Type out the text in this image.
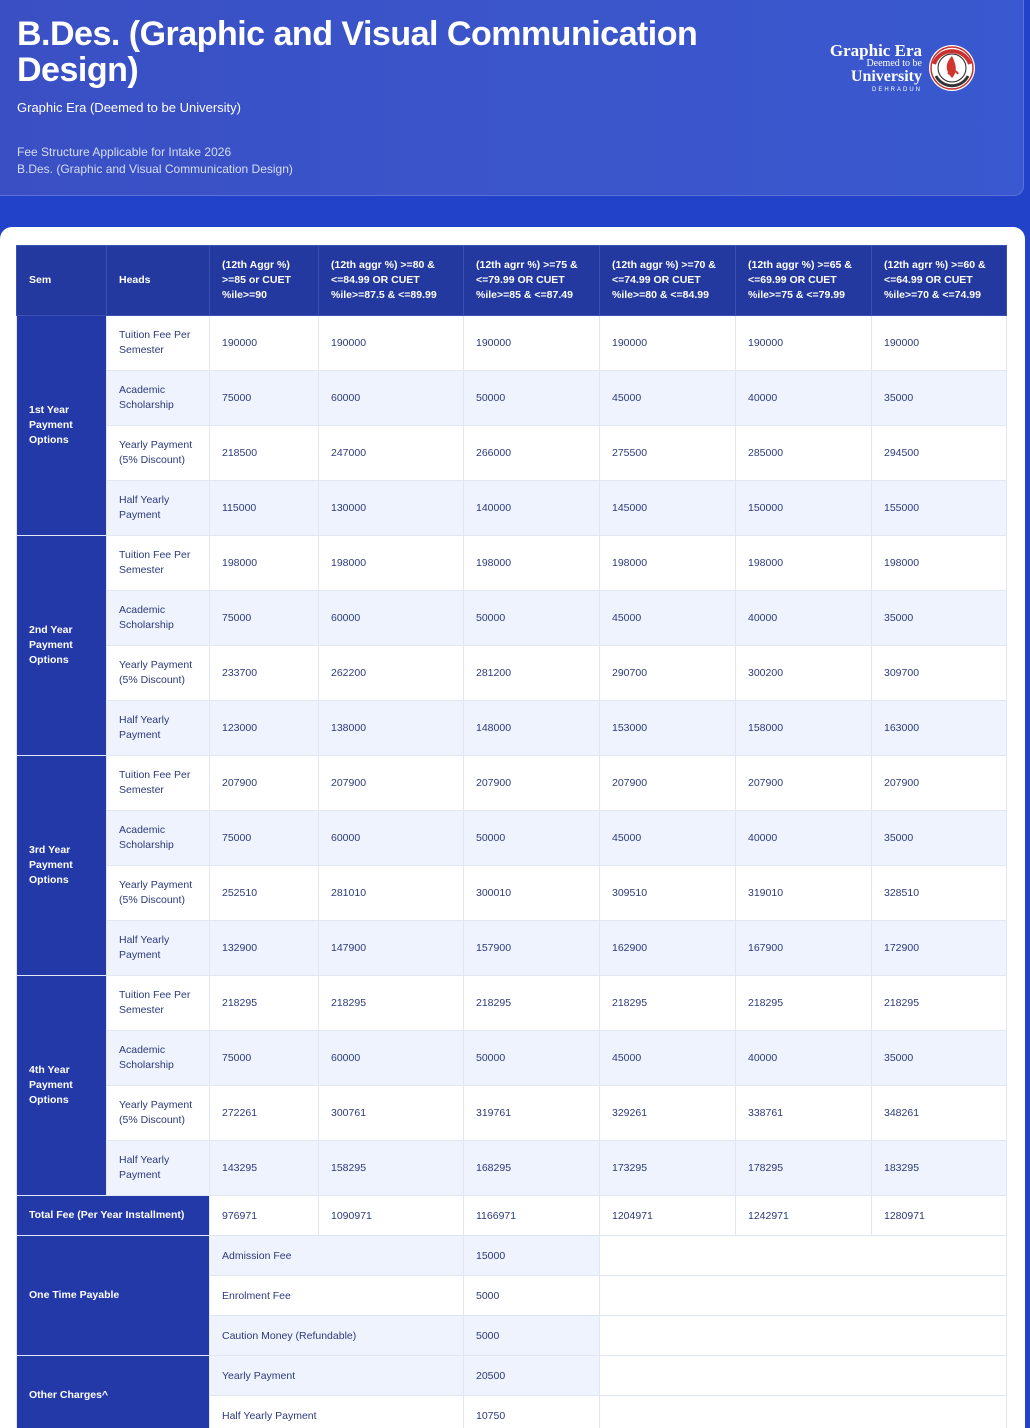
B.Des. (Graphic and Visual Communication Design)
Graphic Era (Deemed to be University)
Fee Structure Applicable for Intake 2026
B.Des. (Graphic and Visual Communication Design)
Graphic Era
Deemed to be
University
DEHRADUN
Sem	Heads	(12th Aggr %) >=85 or CUET %ile>=90	(12th aggr %) >=80 & <=84.99 OR CUET %ile>=87.5 & <=89.99	(12th agrr %) >=75 & <=79.99 OR CUET %ile>=85 & <=87.49	(12th aggr %) >=70 & <=74.99 OR CUET %ile>=80 & <=84.99	(12th aggr %) >=65 & <=69.99 OR CUET %ile>=75 & <=79.99	(12th agrr %) >=60 & <=64.99 OR CUET %ile>=70 & <=74.99
1st Year Payment Options	Tuition Fee Per Semester	190000	190000	190000	190000	190000	190000
	Academic Scholarship	75000	60000	50000	45000	40000	35000
	Yearly Payment (5% Discount)	218500	247000	266000	275500	285000	294500
	Half Yearly Payment	115000	130000	140000	145000	150000	155000
2nd Year Payment Options	Tuition Fee Per Semester	198000	198000	198000	198000	198000	198000
	Academic Scholarship	75000	60000	50000	45000	40000	35000
	Yearly Payment (5% Discount)	233700	262200	281200	290700	300200	309700
	Half Yearly Payment	123000	138000	148000	153000	158000	163000
3rd Year Payment Options	Tuition Fee Per Semester	207900	207900	207900	207900	207900	207900
	Academic Scholarship	75000	60000	50000	45000	40000	35000
	Yearly Payment (5% Discount)	252510	281010	300010	309510	319010	328510
	Half Yearly Payment	132900	147900	157900	162900	167900	172900
4th Year Payment Options	Tuition Fee Per Semester	218295	218295	218295	218295	218295	218295
	Academic Scholarship	75000	60000	50000	45000	40000	35000
	Yearly Payment (5% Discount)	272261	300761	319761	329261	338761	348261
	Half Yearly Payment	143295	158295	168295	173295	178295	183295
Total Fee (Per Year Installment)		976971	1090971	1166971	1204971	1242971	1280971
One Time Payable		Admission Fee		15000			
		Enrolment Fee		5000			
		Caution Money (Refundable)		5000			
Other Charges^		Yearly Payment		20500			
		Half Yearly Payment		10750			
